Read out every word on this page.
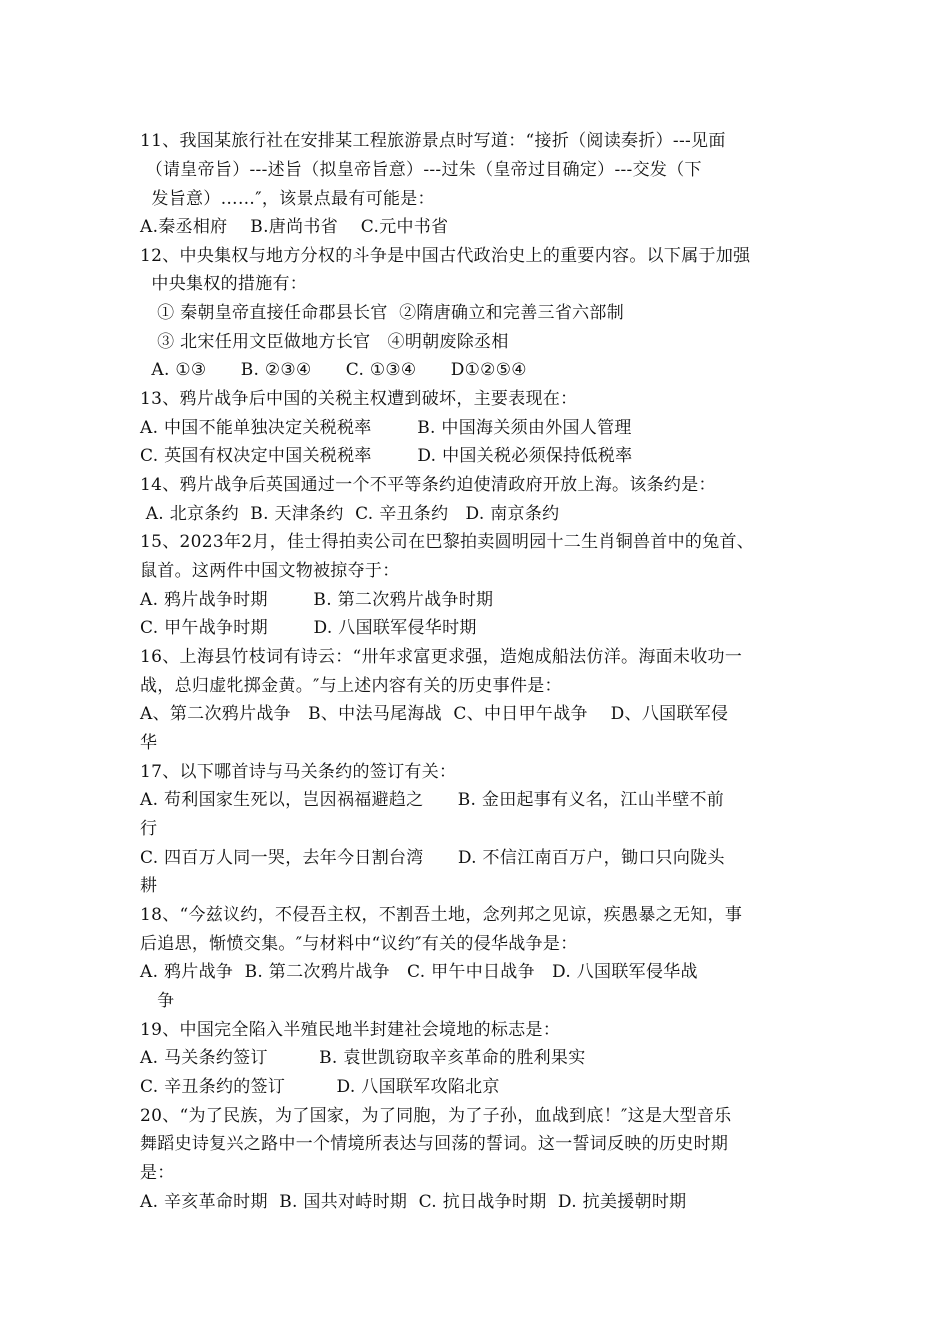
11、我国某旅行社在安排某工程旅游景点时写道：“接折（阅读奏折）---见面
（请皇帝旨）---述旨（拟皇帝旨意）---过朱（皇帝过目确定）---交发（下
发旨意）……″，该景点最有可能是：
A.秦丞相府    B.唐尚书省    C.元中书省
12、中央集权与地方分权的斗争是中国古代政治史上的重要内容。以下属于加强
中央集权的措施有：
① 秦朝皇帝直接任命郡县长官  ②隋唐确立和完善三省六部制
③ 北宋任用文臣做地方长官   ④明朝废除丞相
A. ①③      B. ②③④      C. ①③④      D①②⑤④
13、鸦片战争后中国的关税主权遭到破坏，主要表现在：
A. 中国不能单独决定关税税率        B. 中国海关须由外国人管理
C. 英国有权决定中国关税税率        D. 中国关税必须保持低税率
14、鸦片战争后英国通过一个不平等条约迫使清政府开放上海。该条约是：
A. 北京条约  B. 天津条约  C. 辛丑条约   D. 南京条约
15、2023年2月，佳士得拍卖公司在巴黎拍卖圆明园十二生肖铜兽首中的兔首、
鼠首。这两件中国文物被掠夺于：
A. 鸦片战争时期        B. 第二次鸦片战争时期
C. 甲午战争时期        D. 八国联军侵华时期
16、上海县竹枝词有诗云：“卅年求富更求强，造炮成船法仿洋。海面未收功一
战，总归虚牝掷金黄。″与上述内容有关的历史事件是：
A、第二次鸦片战争   B、中法马尾海战  C、中日甲午战争    D、八国联军侵
华
17、以下哪首诗与马关条约的签订有关：
A. 苟利国家生死以，岂因祸福避趋之      B. 金田起事有义名，江山半壁不前
行
C. 四百万人同一哭，去年今日割台湾      D. 不信江南百万户，锄口只向陇头
耕
18、“今兹议约，不侵吾主权，不割吾土地，念列邦之见谅，疾愚暴之无知，事
后追思，惭愤交集。″与材料中“议约″有关的侵华战争是：
A. 鸦片战争  B. 第二次鸦片战争   C. 甲午中日战争   D. 八国联军侵华战
争
19、中国完全陷入半殖民地半封建社会境地的标志是：
A. 马关条约签订         B. 袁世凯窃取辛亥革命的胜利果实
C. 辛丑条约的签订         D. 八国联军攻陷北京
20、“为了民族，为了国家，为了同胞，为了子孙，血战到底！″这是大型音乐
舞蹈史诗复兴之路中一个情境所表达与回荡的誓词。这一誓词反映的历史时期
是：
A. 辛亥革命时期  B. 国共对峙时期  C. 抗日战争时期  D. 抗美援朝时期
